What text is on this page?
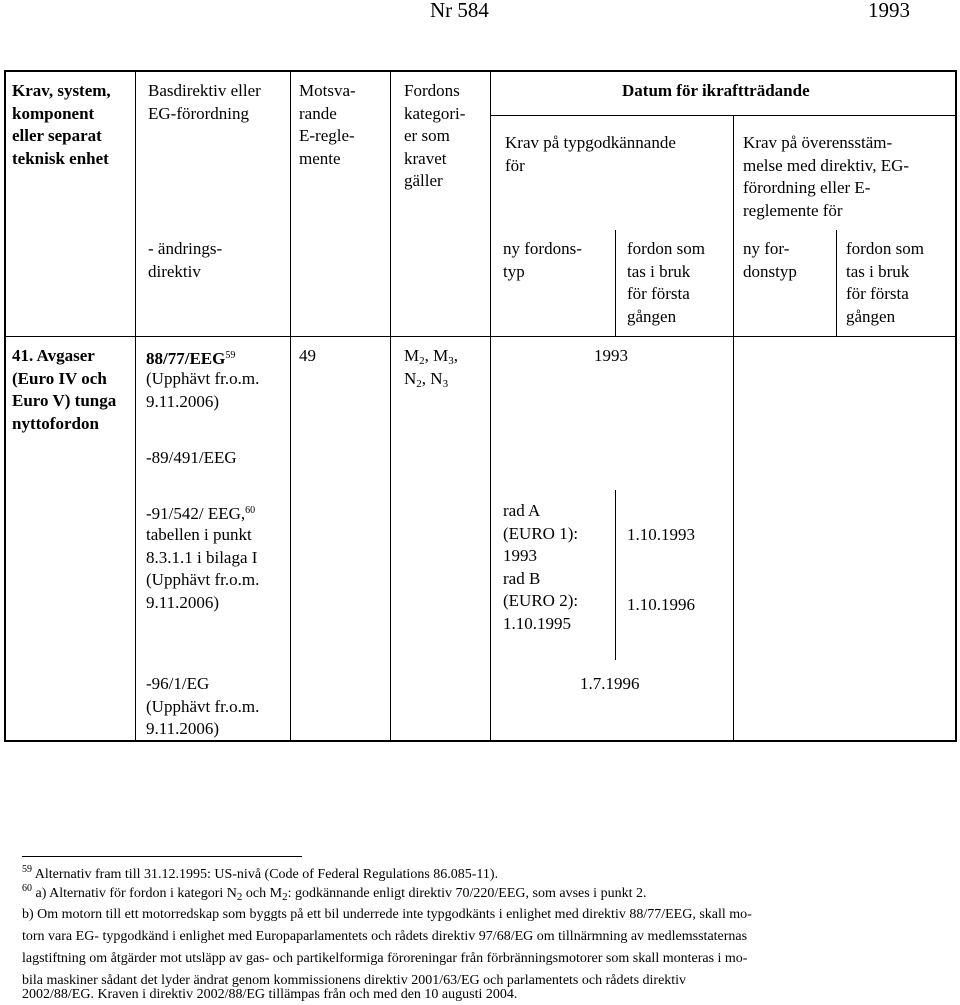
Nr 584	1993
Krav, system,
komponent
eller separat
teknisk enhet
Basdirektiv eller
EG-förordning
Motsva-
rande
E-regle-
mente
Fordons
kategori-
er som
kravet
gäller
Datum för ikraftträdande
Krav på typgodkännande
för
Krav på överensstäm-
melse med direktiv, EG-
förordning eller E-
reglemente för
- ändrings-
direktiv
ny fordons-
typ
fordon som
tas i bruk
för första
gången
ny for-
donstyp
fordon som
tas i bruk
för första
gången
41. Avgaser
(Euro IV och
Euro V) tunga
nyttofordon
88/77/EEG$^{59}$
(Upphävt fr.o.m.
9.11.2006)
49	$M_2$, $M_3$,
$N_2$, $N_3$
1993
-89/491/EEG
-91/542/ EEG,$^{60}$
tabellen i punkt
8.3.1.1 i bilaga I
(Upphävt fr.o.m.
9.11.2006)
rad A
(EURO 1):
1993
rad B
(EURO 2):
1.10.1995
1.10.1993
1.10.1996
-96/1/EG
(Upphävt fr.o.m.
9.11.2006)
1.7.1996
$^{59}$ Alternativ fram till 31.12.1995: US-nivå (Code of Federal Regulations 86.085-11).
$^{60}$ a) Alternativ för fordon i kategori $N_2$ och $M_2$: godkännande enligt direktiv 70/220/EEG, som avses i punkt 2.
b) Om motorn till ett motorredskap som byggts på ett bil underrede inte typgodkänts i enlighet med direktiv 88/77/EEG, skall mo-
torn vara EG- typgodkänd i enlighet med Europaparlamentets och rådets direktiv 97/68/EG om tillnärmning av medlemsstaternas
lagstiftning om åtgärder mot utsläpp av gas- och partikelformiga föroreningar från förbränningsmotorer som skall monteras i mo-
bila maskiner sådant det lyder ändrat genom kommissionens direktiv 2001/63/EG och parlamentets och rådets direktiv
2002/88/EG. Kraven i direktiv 2002/88/EG tillämpas från och med den 10 augusti 2004.
